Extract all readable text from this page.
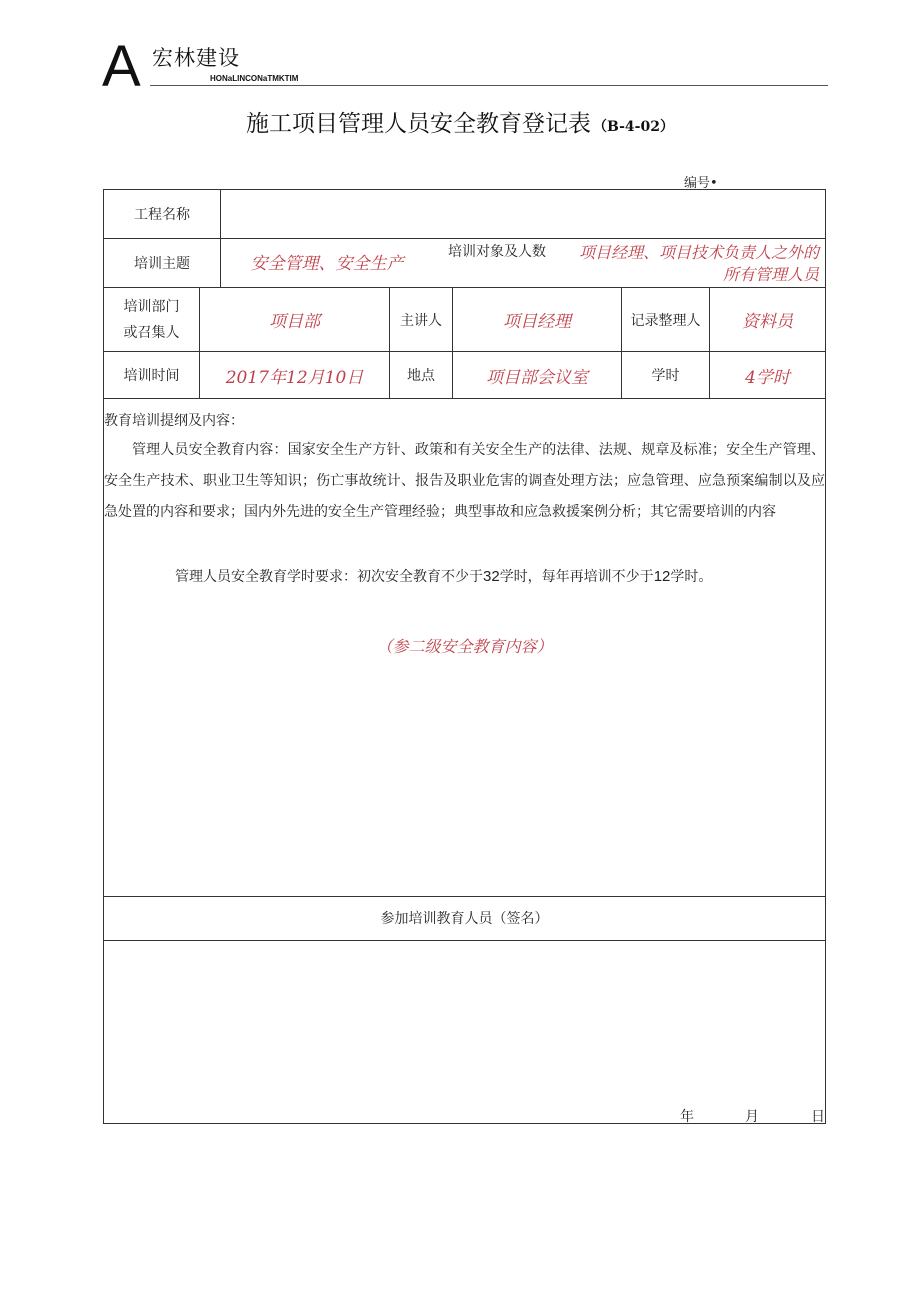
A 宏林建设
HONaLINCONaTMKTIM
施工项目管理人员安全教育登记表 （B-4-02）
编号•
工程名称
培训主题	安全管理、安全生产
培训对象及人数	项目经理、项目技术负责人之外的
所有管理人员
培训部门
或召集人
项目部	主讲人	项目经理	记录整理人	资料员
培训时间	2017年12月10日	地点	项目部会议室	学时	4学时
教育培训提纲及内容：
管理人员安全教育内容：国家安全生产方针、政策和有关安全生产的法律、法规、规章及标准；安全生产管理、安全生产技术、职业卫生等知识；伤亡事故统计、报告及职业危害的调查处理方法；应急管理、应急预案编制以及应急处置的内容和要求；国内外先进的安全生产管理经验；典型事故和应急救援案例分析；其它需要培训的内容
管理人员安全教育学时要求：初次安全教育不少于32学时，每年再培训不少于12学时。
（参二级安全教育内容）
参加培训教育人员（签名）
年	月	日
